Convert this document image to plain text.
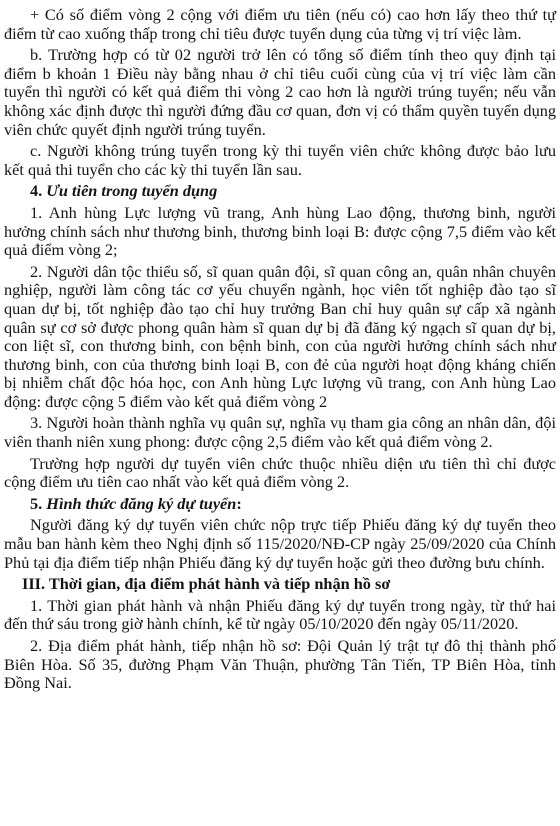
+ Có số điểm vòng 2 cộng với điểm ưu tiên (nếu có) cao hơn lấy theo thứ tự điểm từ cao xuống thấp trong chỉ tiêu được tuyển dụng của từng vị trí việc làm.

b. Trường hợp có từ 02 người trở lên có tổng số điểm tính theo quy định tại điểm b khoản 1 Điều này bằng nhau ở chỉ tiêu cuối cùng của vị trí việc làm cần tuyển thì người có kết quả điểm thi vòng 2 cao hơn là người trúng tuyển; nếu vẫn không xác định được thì người đứng đầu cơ quan, đơn vị có thẩm quyền tuyển dụng viên chức quyết định người trúng tuyển.

c. Người không trúng tuyển trong kỳ thi tuyển viên chức không được bảo lưu kết quả thi tuyển cho các kỳ thi tuyển lần sau.

4. Ưu tiên trong tuyển dụng

1. Anh hùng Lực lượng vũ trang, Anh hùng Lao động, thương binh, người hưởng chính sách như thương binh, thương binh loại B: được cộng 7,5 điểm vào kết quả điểm vòng 2;

2. Người dân tộc thiểu số, sĩ quan quân đội, sĩ quan công an, quân nhân chuyên nghiệp, người làm công tác cơ yếu chuyển ngành, học viên tốt nghiệp đào tạo sĩ quan dự bị, tốt nghiệp đào tạo chỉ huy trưởng Ban chỉ huy quân sự cấp xã ngành quân sự cơ sở được phong quân hàm sĩ quan dự bị đã đăng ký ngạch sĩ quan dự bị, con liệt sĩ, con thương binh, con bệnh binh, con của người hưởng chính sách như thương binh, con của thương binh loại B, con đẻ của người hoạt động kháng chiến bị nhiễm chất độc hóa học, con Anh hùng Lực lượng vũ trang, con Anh hùng Lao động: được cộng 5 điểm vào kết quả điểm vòng 2

3. Người hoàn thành nghĩa vụ quân sự, nghĩa vụ tham gia công an nhân dân, đội viên thanh niên xung phong: được cộng 2,5 điểm vào kết quả điểm vòng 2.

Trường hợp người dự tuyển viên chức thuộc nhiều diện ưu tiên thì chỉ được cộng điểm ưu tiên cao nhất vào kết quả điểm vòng 2.

5. Hình thức đăng ký dự tuyển:

Người đăng ký dự tuyển viên chức nộp trực tiếp Phiếu đăng ký dự tuyển theo mẫu ban hành kèm theo Nghị định số 115/2020/NĐ-CP ngày 25/09/2020 của Chính Phủ tại địa điểm tiếp nhận Phiếu đăng ký dự tuyển hoặc gửi theo đường bưu chính.

III. Thời gian, địa điểm phát hành và tiếp nhận hồ sơ

1. Thời gian phát hành và nhận Phiếu đăng ký dự tuyển trong ngày, từ thứ hai đến thứ sáu trong giờ hành chính, kể từ ngày 05/10/2020 đến ngày 05/11/2020.

2. Địa điểm phát hành, tiếp nhận hồ sơ: Đội Quản lý trật tự đô thị thành phố Biên Hòa. Số 35, đường Phạm Văn Thuận, phường Tân Tiến, TP Biên Hòa, tỉnh Đồng Nai.
